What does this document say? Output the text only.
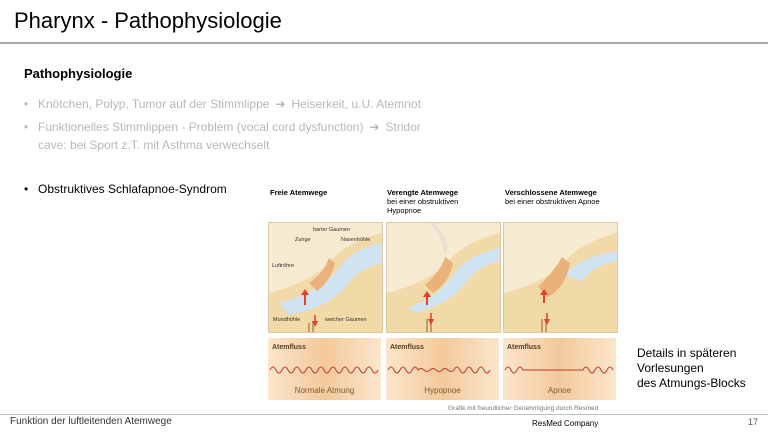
Pharynx - Pathophysiologie
Pathophysiologie
• Knötchen, Polyp, Tumor auf der Stimmlippe ➔ Heiserkeit, u.U. Atemnot
• Funktionelles Stimmlippen - Problem (vocal cord dysfunction) ➔ Stridor
cave: bei Sport z.T. mit Asthma verwechselt
• Obstruktives Schlafapnoe-Syndrom	Freie Atemwege	Verengte Atemwege
bei einer obstruktiven
Hypopnoe
Verschlossene Atemwege
bei einer obstruktiven Apnoe
harter Gaumen
Zunge	Nasenhöhle
Luftröhre
Mundhöhle	weicher Gaumen
Atemfluss
Normale Atmung
Atemfluss
Hypopnoe
Atemfluss
Apnoe
Grafik mit freundlicher Genehmigung durch Resmed
Details in späteren
Vorlesungen
des Atmungs-Blocks
Funktion der luftleitenden Atemwege	ResMed Company	17
